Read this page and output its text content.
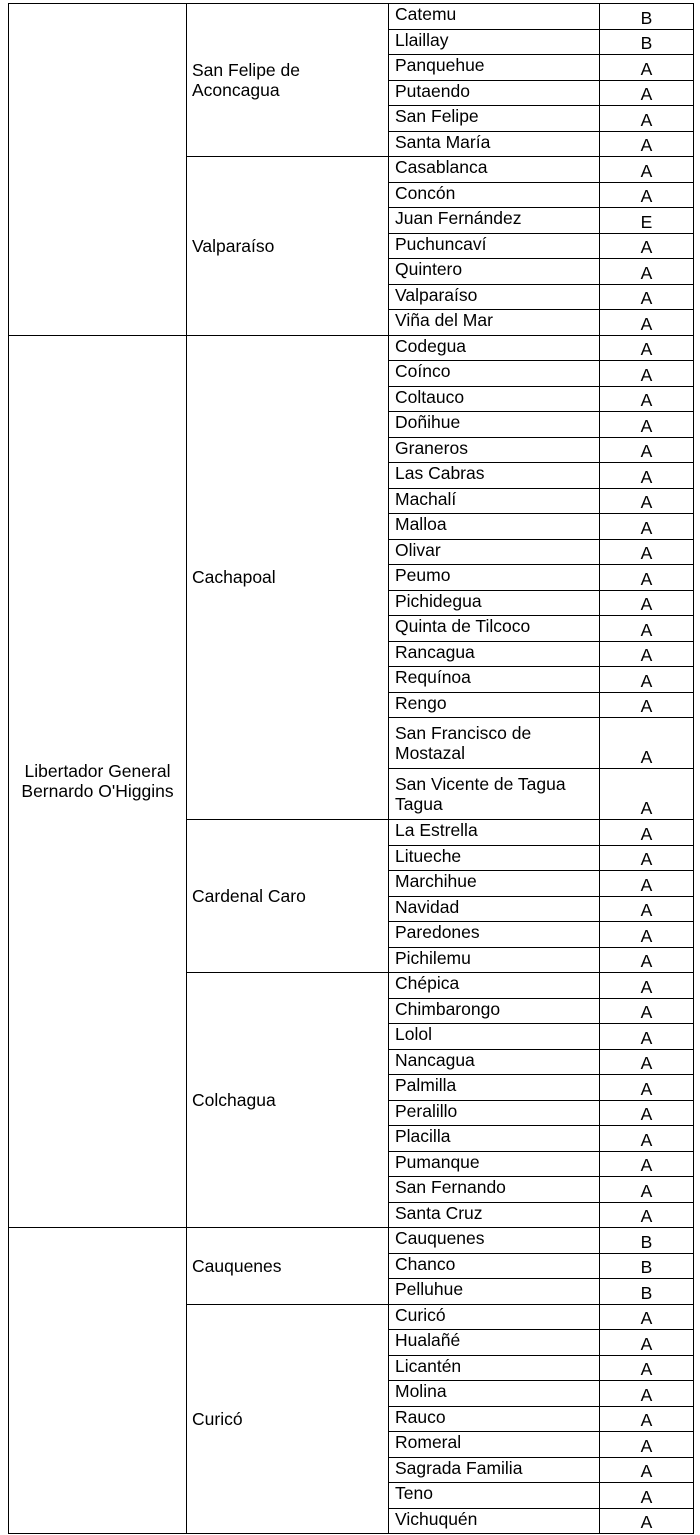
	San Felipe de Aconcagua	Catemu	B
		Llaillay	B
		Panquehue	A
		Putaendo	A
		San Felipe	A
		Santa María	A
	Valparaíso	Casablanca	A
		Concón	A
		Juan Fernández	E
		Puchuncaví	A
		Quintero	A
		Valparaíso	A
		Viña del Mar	A
Libertador General Bernardo O'Higgins	Cachapoal	Codegua	A
		Coínco	A
		Coltauco	A
		Doñihue	A
		Graneros	A
		Las Cabras	A
		Machalí	A
		Malloa	A
		Olivar	A
		Peumo	A
		Pichidegua	A
		Quinta de Tilcoco	A
		Rancagua	A
		Requínoa	A
		Rengo	A
		San Francisco de Mostazal	A
		San Vicente de Tagua Tagua	A
	Cardenal Caro	La Estrella	A
		Litueche	A
		Marchihue	A
		Navidad	A
		Paredones	A
		Pichilemu	A
	Colchagua	Chépica	A
		Chimbarongo	A
		Lolol	A
		Nancagua	A
		Palmilla	A
		Peralillo	A
		Placilla	A
		Pumanque	A
		San Fernando	A
		Santa Cruz	A
	Cauquenes	Cauquenes	B
		Chanco	B
		Pelluhue	B
	Curicó	Curicó	A
		Hualañé	A
		Licantén	A
		Molina	A
		Rauco	A
		Romeral	A
		Sagrada Familia	A
		Teno	A
		Vichuquén	A
